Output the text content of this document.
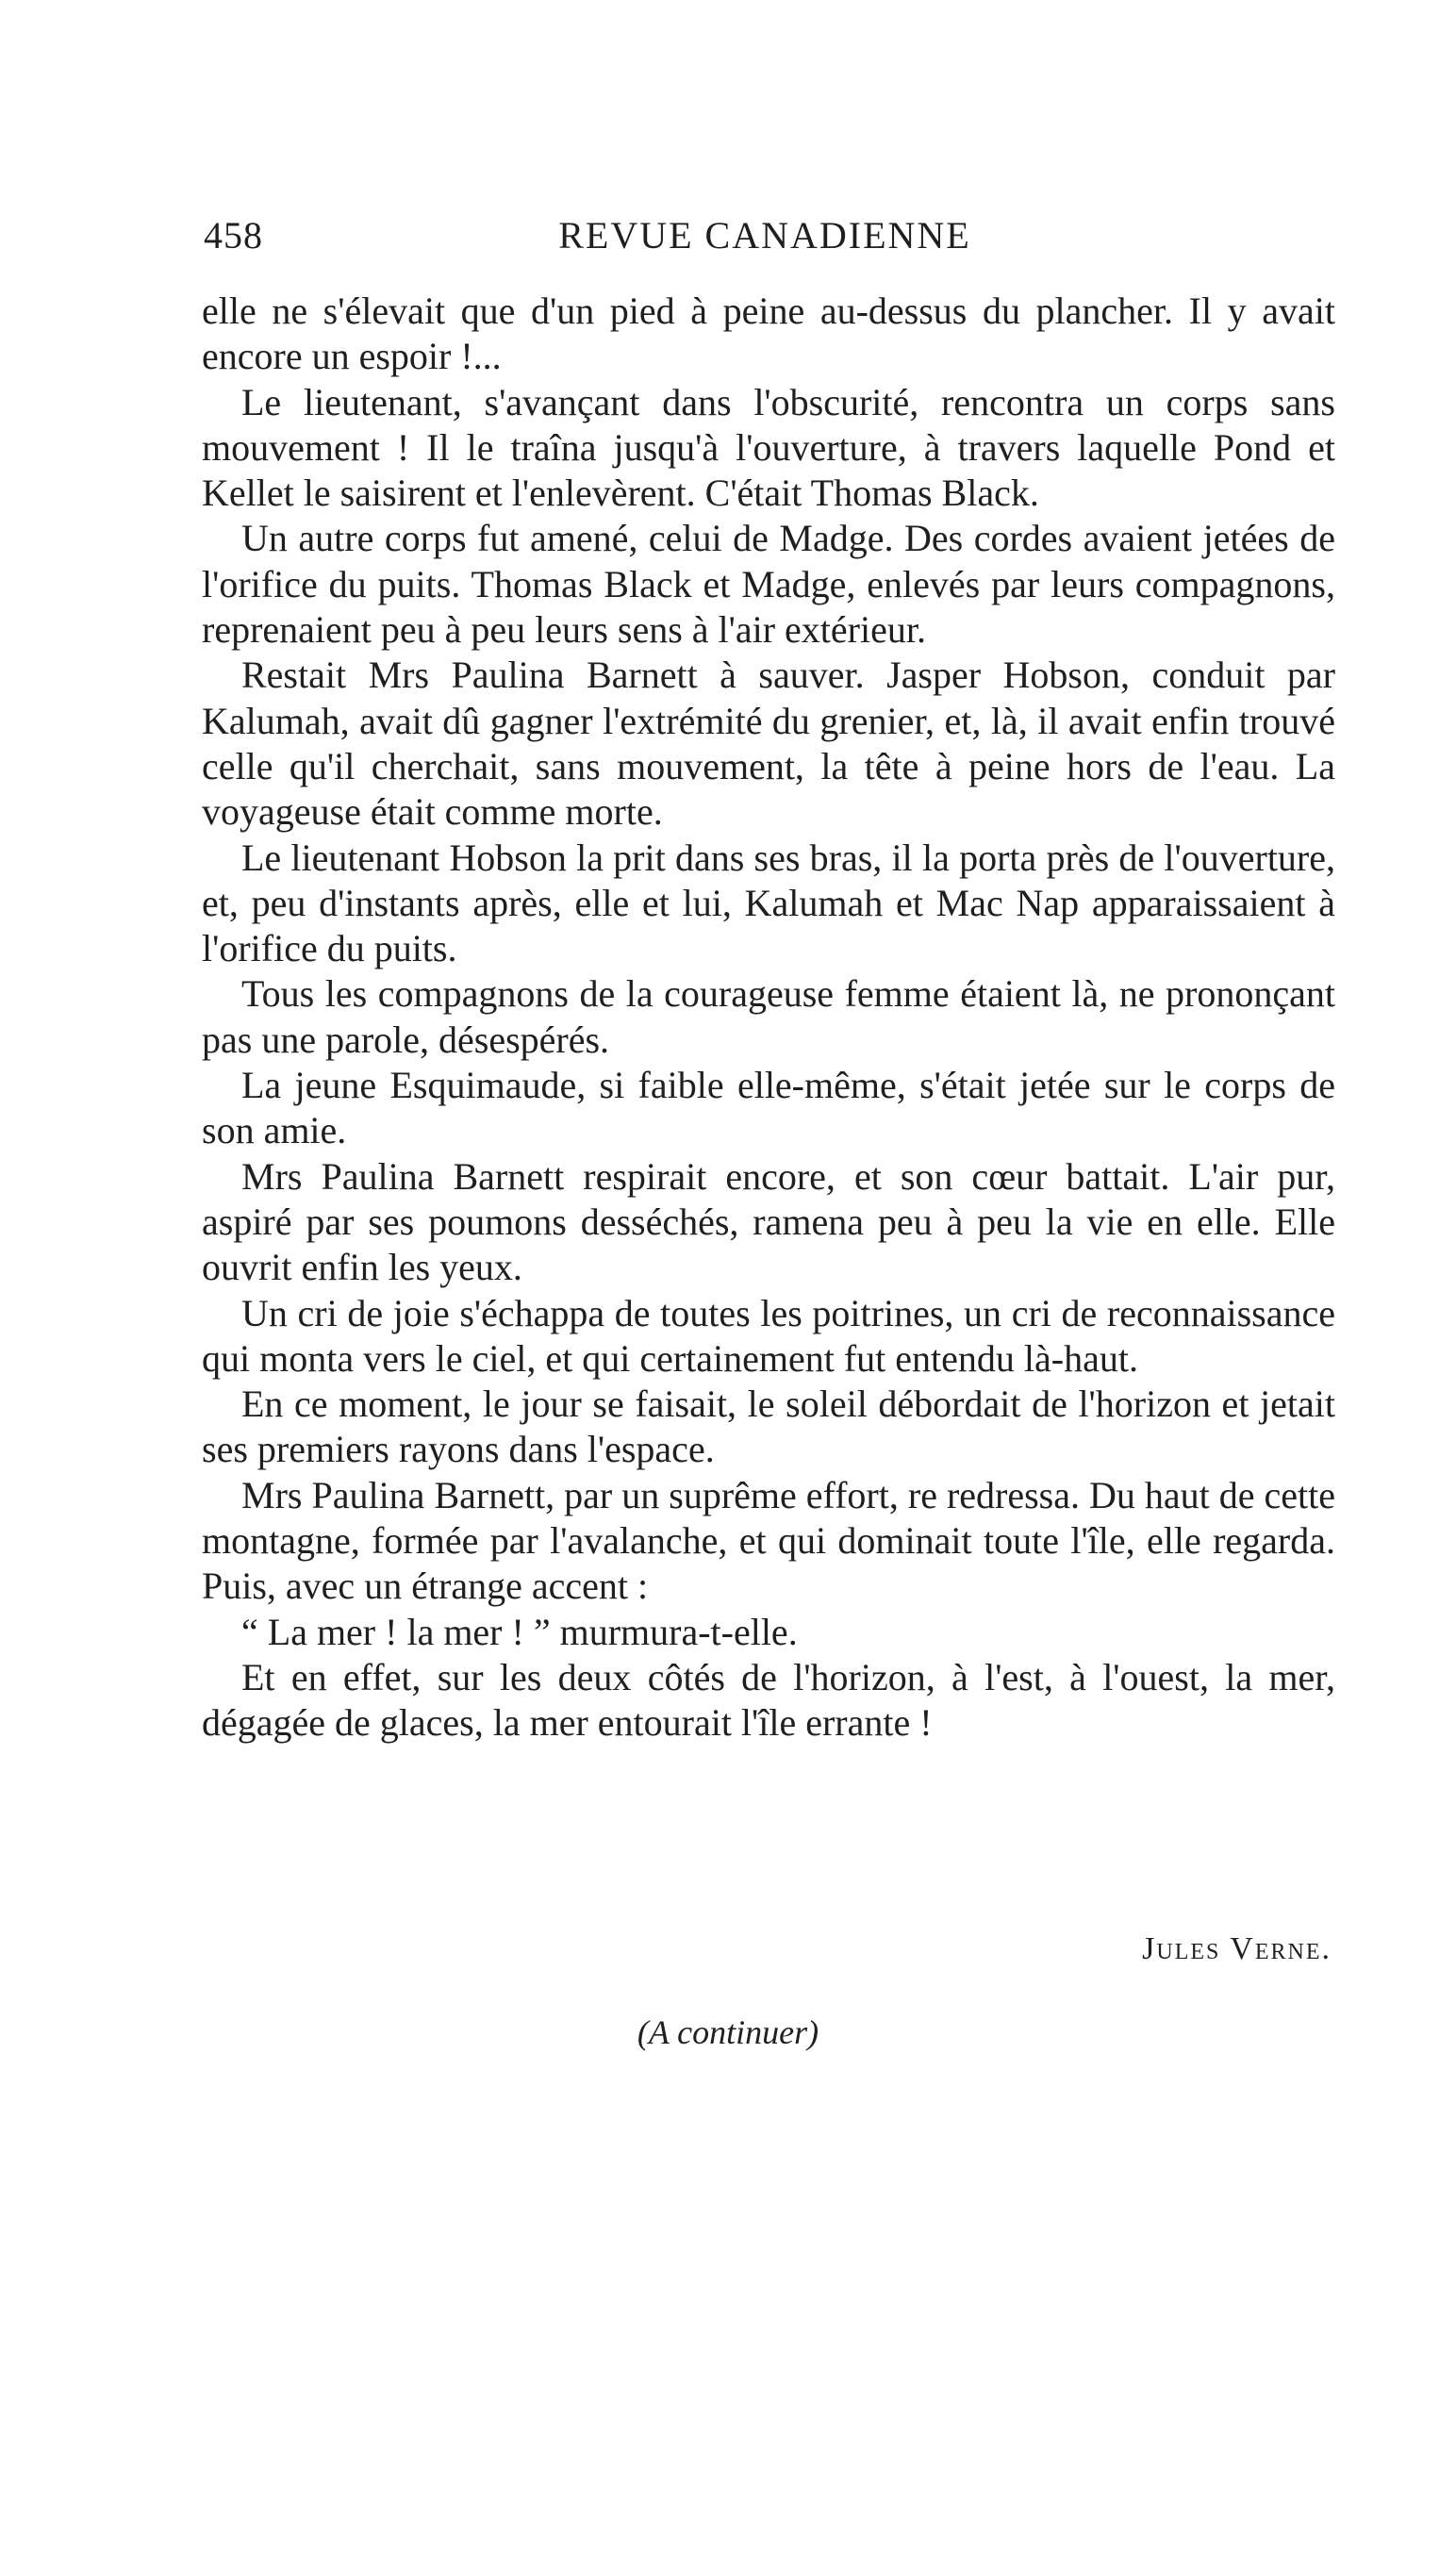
458	REVUE CANADIENNE

elle ne s'élevait que d'un pied à peine au-dessus du plancher. Il y avait encore un espoir !...

Le lieutenant, s'avançant dans l'obscurité, rencontra un corps sans mouvement ! Il le traîna jusqu'à l'ouverture, à travers laquelle Pond et Kellet le saisirent et l'enlevèrent. C'était Thomas Black.

Un autre corps fut amené, celui de Madge. Des cordes avaient jetées de l'orifice du puits. Thomas Black et Madge, enlevés par leurs compagnons, reprenaient peu à peu leurs sens à l'air extérieur.

Restait Mrs Paulina Barnett à sauver. Jasper Hobson, conduit par Kalumah, avait dû gagner l'extrémité du grenier, et, là, il avait enfin trouvé celle qu'il cherchait, sans mouvement, la tête à peine hors de l'eau. La voyageuse était comme morte.

Le lieutenant Hobson la prit dans ses bras, il la porta près de l'ouverture, et, peu d'instants après, elle et lui, Kalumah et Mac Nap apparaissaient à l'orifice du puits.

Tous les compagnons de la courageuse femme étaient là, ne prononçant pas une parole, désespérés.

La jeune Esquimaude, si faible elle-même, s'était jetée sur le corps de son amie.

Mrs Paulina Barnett respirait encore, et son cœur battait. L'air pur, aspiré par ses poumons desséchés, ramena peu à peu la vie en elle. Elle ouvrit enfin les yeux.

Un cri de joie s'échappa de toutes les poitrines, un cri de reconnaissance qui monta vers le ciel, et qui certainement fut entendu là-haut.

En ce moment, le jour se faisait, le soleil débordait de l'horizon et jetait ses premiers rayons dans l'espace.

Mrs Paulina Barnett, par un suprême effort, re redressa. Du haut de cette montagne, formée par l'avalanche, et qui dominait toute l'île, elle regarda. Puis, avec un étrange accent :

“ La mer ! la mer ! ” murmura-t-elle.

Et en effet, sur les deux côtés de l'horizon, à l'est, à l'ouest, la mer, dégagée de glaces, la mer entourait l'île errante !

Jules Verne.
(A continuer)
